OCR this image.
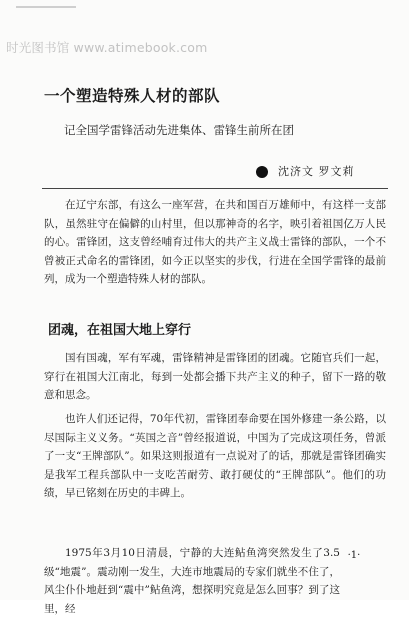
时光图书馆 www.atimebook.com
一个塑造特殊人材的部队
记全国学雷锋活动先进集体、雷锋生前所在团
沈济文 罗文莉

在辽宁东部，有这么一座军营，在共和国百万雄师中，有这样一支部队，虽然驻守在偏僻的山村里，但以那神奇的名字，映引着祖国亿万人民的心。雷锋团，这支曾经哺育过伟大的共产主义战士雷锋的部队，一个不曾被正式命名的雷锋团，如今正以坚实的步伐，行进在全国学雷锋的最前列，成为一个塑造特殊人材的部队。

团魂，在祖国大地上穿行

国有国魂，军有军魂，雷锋精神是雷锋团的团魂。它随官兵们一起，穿行在祖国大江南北，每到一处都会播下共产主义的种子，留下一路的敬意和思念。

也许人们还记得，70年代初，雷锋团奉命要在国外修建一条公路，以尽国际主义义务。“英国之音”曾经报道说，中国为了完成这项任务，曾派了一支“王牌部队”。如果这则报道有一点说对了的话，那就是雷锋团确实是我军工程兵部队中一支吃苦耐劳、敢打硬仗的“王牌部队”。他们的功绩，早已铭刻在历史的丰碑上。

1975年3月10日清晨，宁静的大连鲇鱼湾突然发生了3.5级“地震”。震动刚一发生，大连市地震局的专家们就坐不住了，风尘仆仆地赶到“震中”鲇鱼湾，想探明究竟是怎么回事？到了这里，经

·1·
